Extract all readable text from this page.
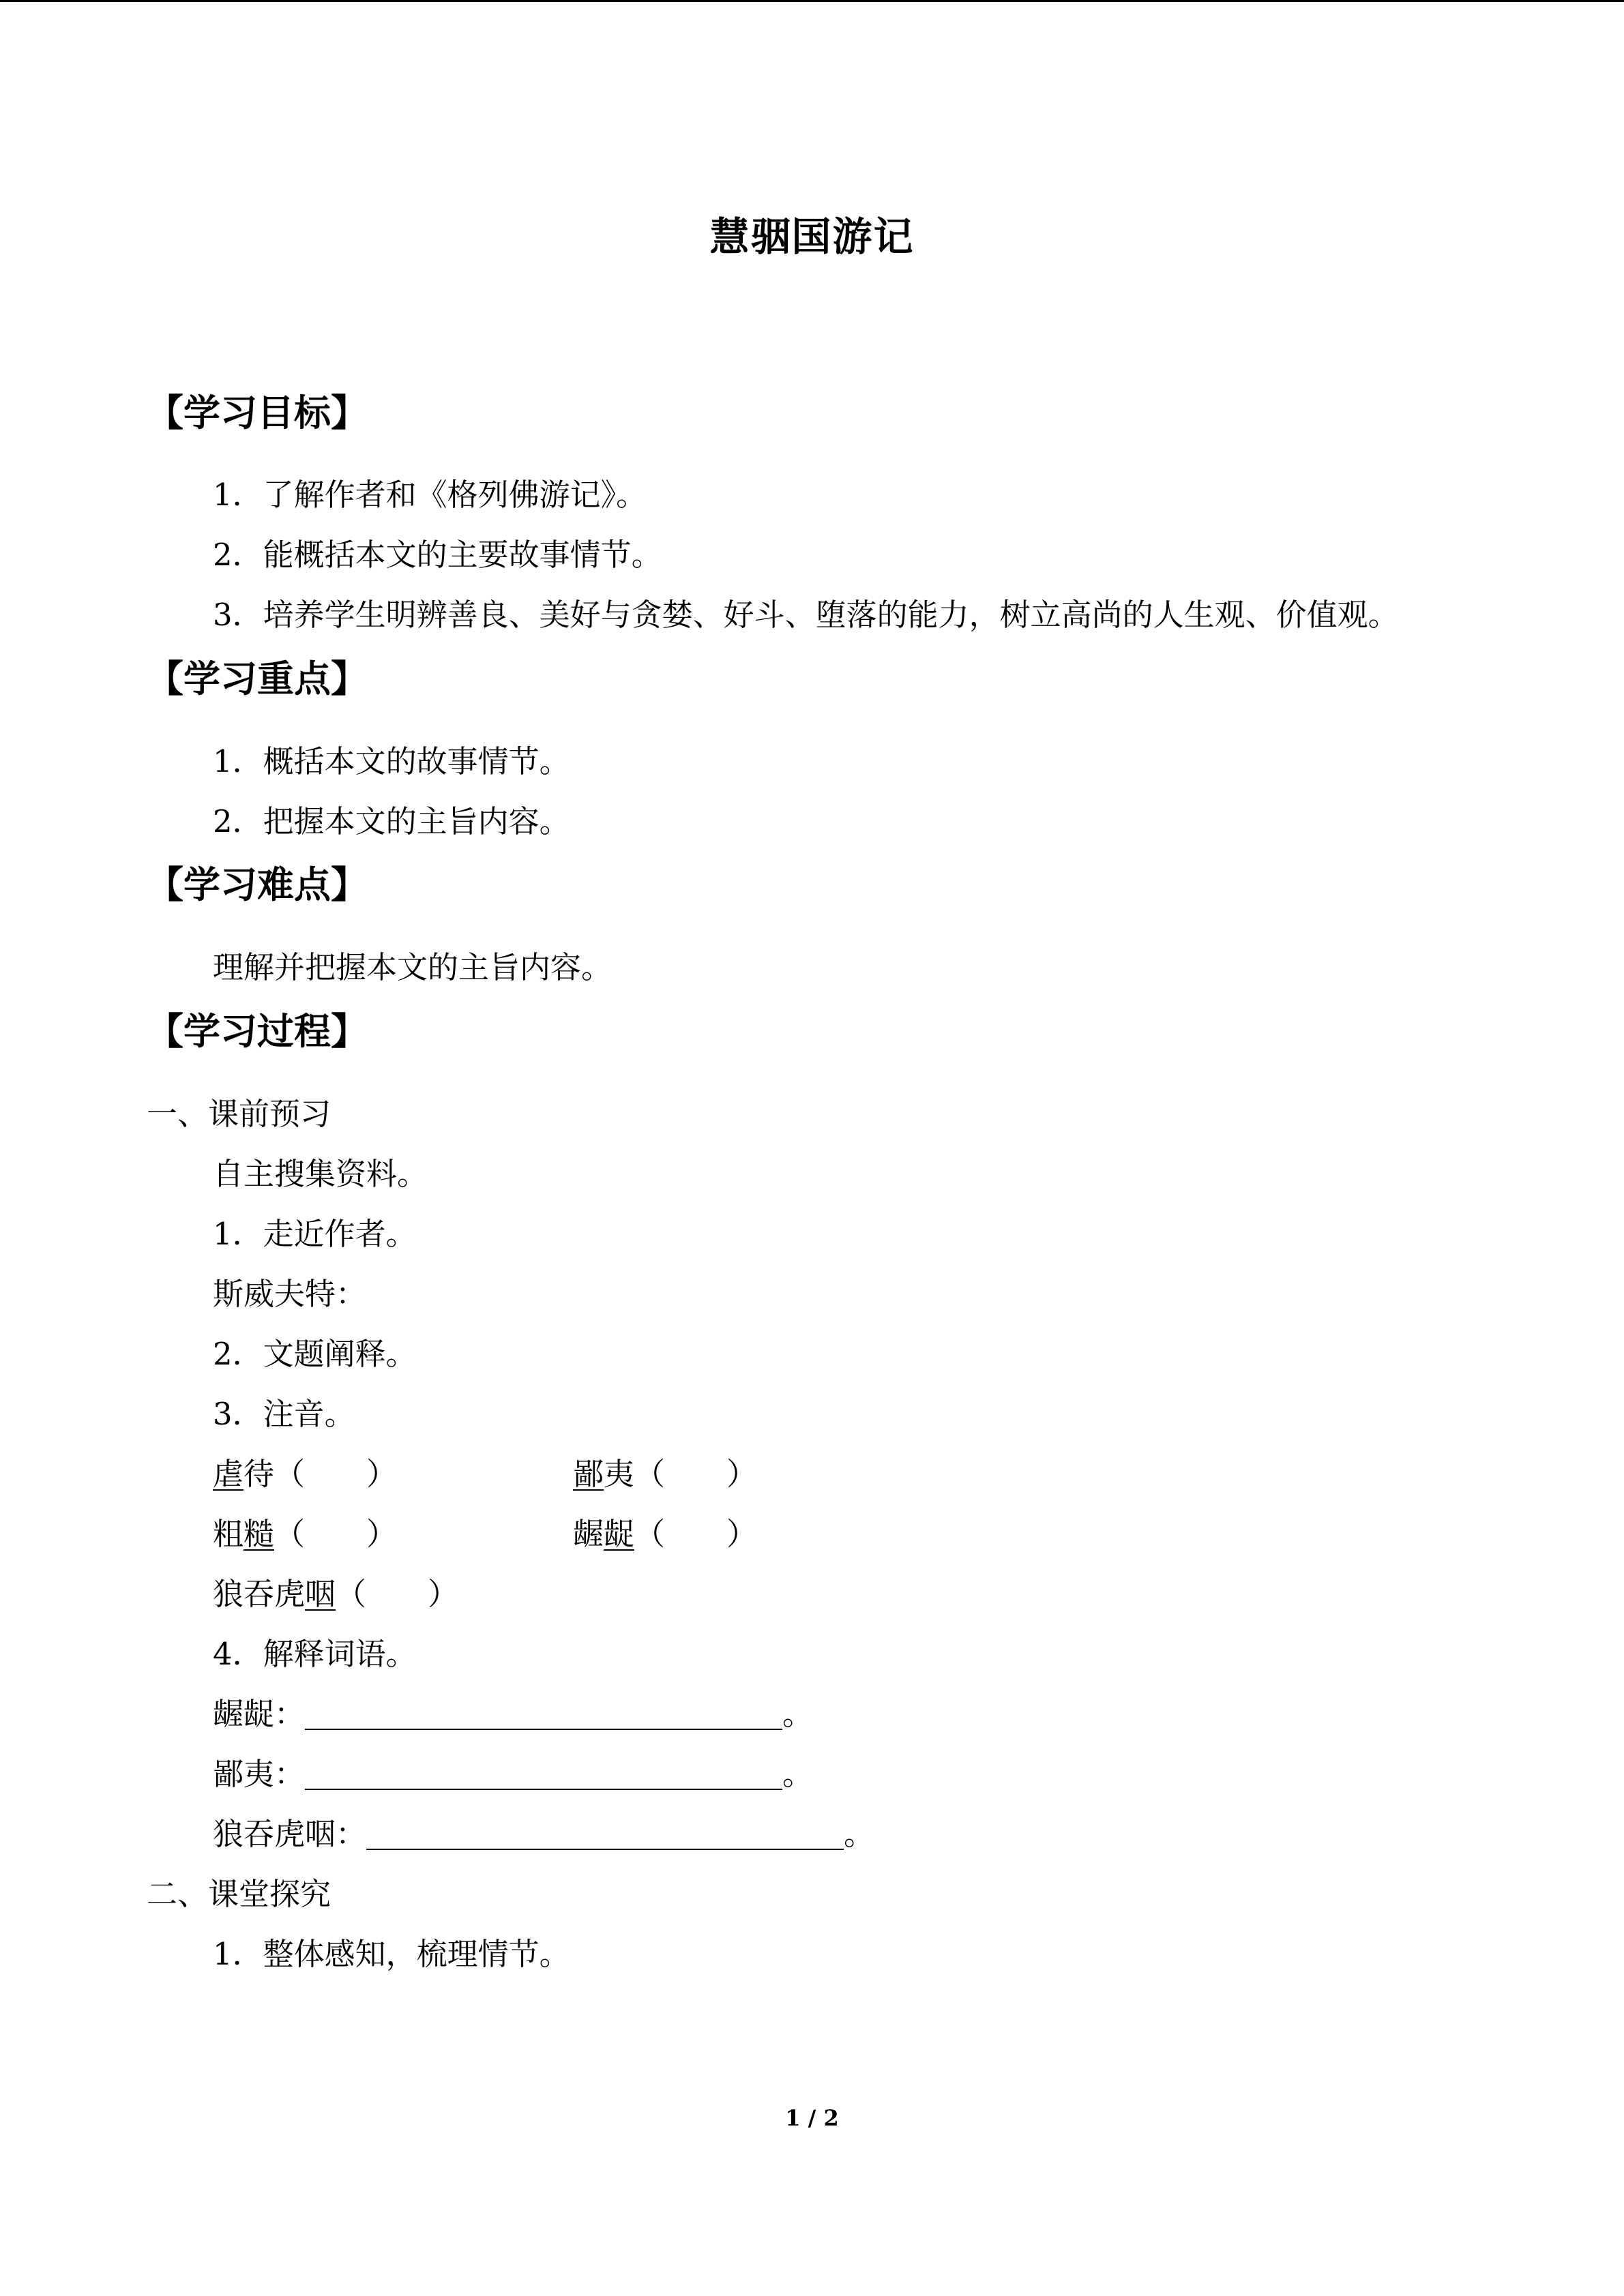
慧骃国游记
【学习目标】
1．了解作者和《格列佛游记》。
2．能概括本文的主要故事情节。
3．培养学生明辨善良、美好与贪婪、好斗、堕落的能力，树立高尚的人生观、价值观。
【学习重点】
1．概括本文的故事情节。
2．把握本文的主旨内容。
【学习难点】
理解并把握本文的主旨内容。
【学习过程】
一、课前预习
自主搜集资料。
1．走近作者。
斯威夫特：
2．文题阐释。
3．注音。
虐待（　　）	鄙夷（　　）
粗糙（　　）	龌龊（　　）
狼吞虎咽（　　）
4．解释词语。
龌龊：	。
鄙夷：	。
狼吞虎咽：	。
二、课堂探究
1．整体感知，梳理情节。
1 / 2
